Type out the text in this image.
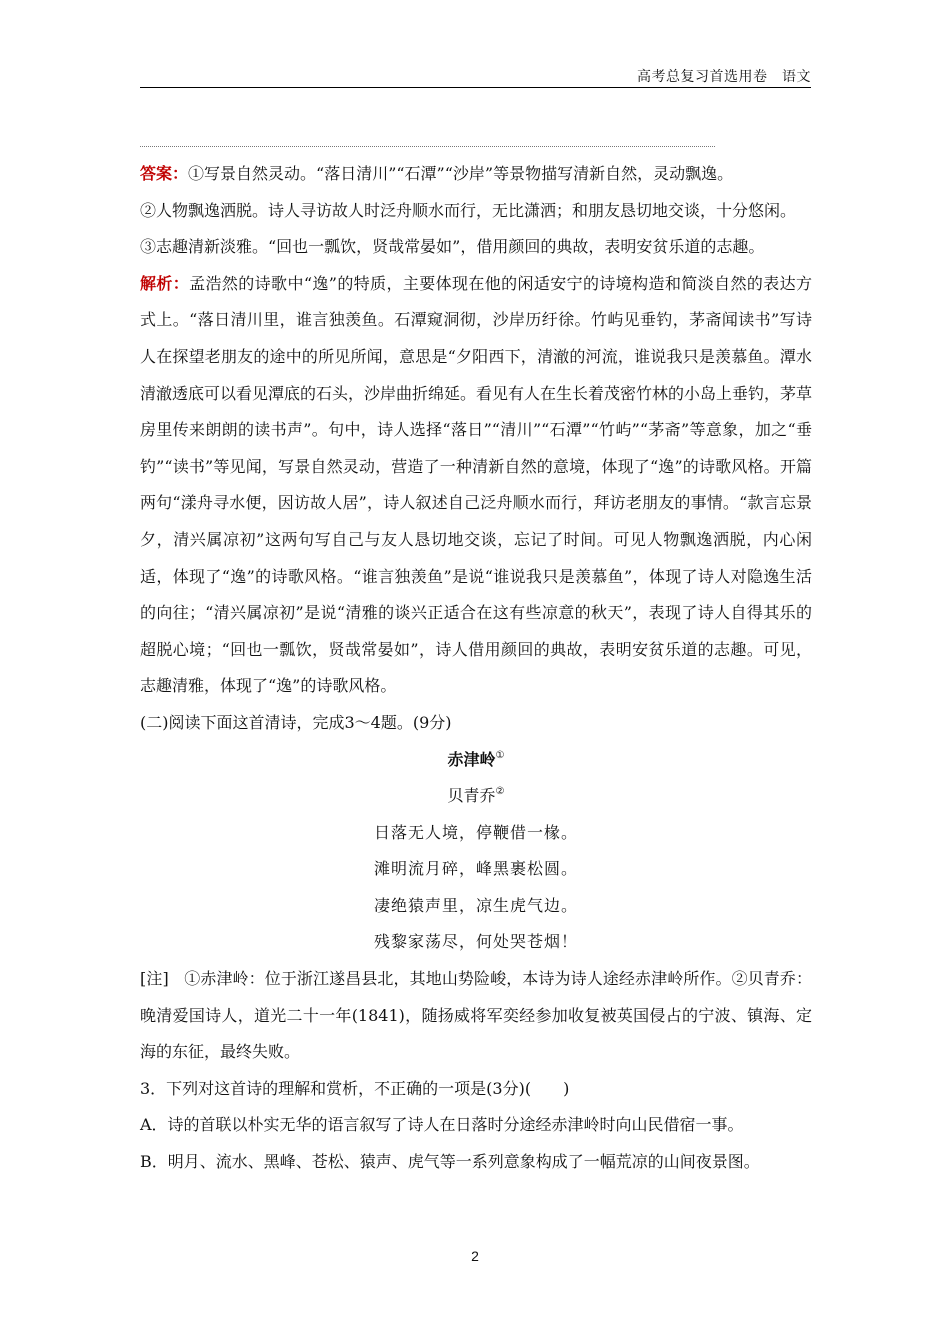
高考总复习首选用卷　语文

答案：①写景自然灵动。“落日清川”“石潭”“沙岸”等景物描写清新自然，灵动飘逸。

②人物飘逸洒脱。诗人寻访故人时泛舟顺水而行，无比潇洒；和朋友恳切地交谈，十分悠闲。

③志趣清新淡雅。“回也一瓢饮，贤哉常晏如”，借用颜回的典故，表明安贫乐道的志趣。

解析：孟浩然的诗歌中“逸”的特质，主要体现在他的闲适安宁的诗境构造和简淡自然的表达方式上。“落日清川里，谁言独羡鱼。石潭窥洞彻，沙岸历纡徐。竹屿见垂钓，茅斋闻读书”写诗人在探望老朋友的途中的所见所闻，意思是“夕阳西下，清澈的河流，谁说我只是羡慕鱼。潭水清澈透底可以看见潭底的石头，沙岸曲折绵延。看见有人在生长着茂密竹林的小岛上垂钓，茅草房里传来朗朗的读书声”。句中，诗人选择“落日”“清川”“石潭”“竹屿”“茅斋”等意象，加之“垂钓”“读书”等见闻，写景自然灵动，营造了一种清新自然的意境，体现了“逸”的诗歌风格。开篇两句“漾舟寻水便，因访故人居”，诗人叙述自己泛舟顺水而行，拜访老朋友的事情。“款言忘景夕，清兴属凉初”这两句写自己与友人恳切地交谈，忘记了时间。可见人物飘逸洒脱，内心闲适，体现了“逸”的诗歌风格。“谁言独羡鱼”是说“谁说我只是羡慕鱼”，体现了诗人对隐逸生活的向往；“清兴属凉初”是说“清雅的谈兴正适合在这有些凉意的秋天”，表现了诗人自得其乐的超脱心境；“回也一瓢饮，贤哉常晏如”，诗人借用颜回的典故，表明安贫乐道的志趣。可见，志趣清雅，体现了“逸”的诗歌风格。

(二)阅读下面这首清诗，完成3～4题。(9分)

赤津岭①

贝青乔②

日落无人境，停鞭借一椽。

滩明流月碎，峰黑裹松圆。

凄绝猿声里，凉生虎气边。

残黎家荡尽，何处哭苍烟！

[注] ①赤津岭：位于浙江遂昌县北，其地山势险峻，本诗为诗人途经赤津岭所作。②贝青乔：晚清爱国诗人，道光二十一年(1841)，随扬威将军奕经参加收复被英国侵占的宁波、镇海、定海的东征，最终失败。

3．下列对这首诗的理解和赏析，不正确的一项是(3分)(　　)

A．诗的首联以朴实无华的语言叙写了诗人在日落时分途经赤津岭时向山民借宿一事。

B．明月、流水、黑峰、苍松、猿声、虎气等一系列意象构成了一幅荒凉的山间夜景图。

2
